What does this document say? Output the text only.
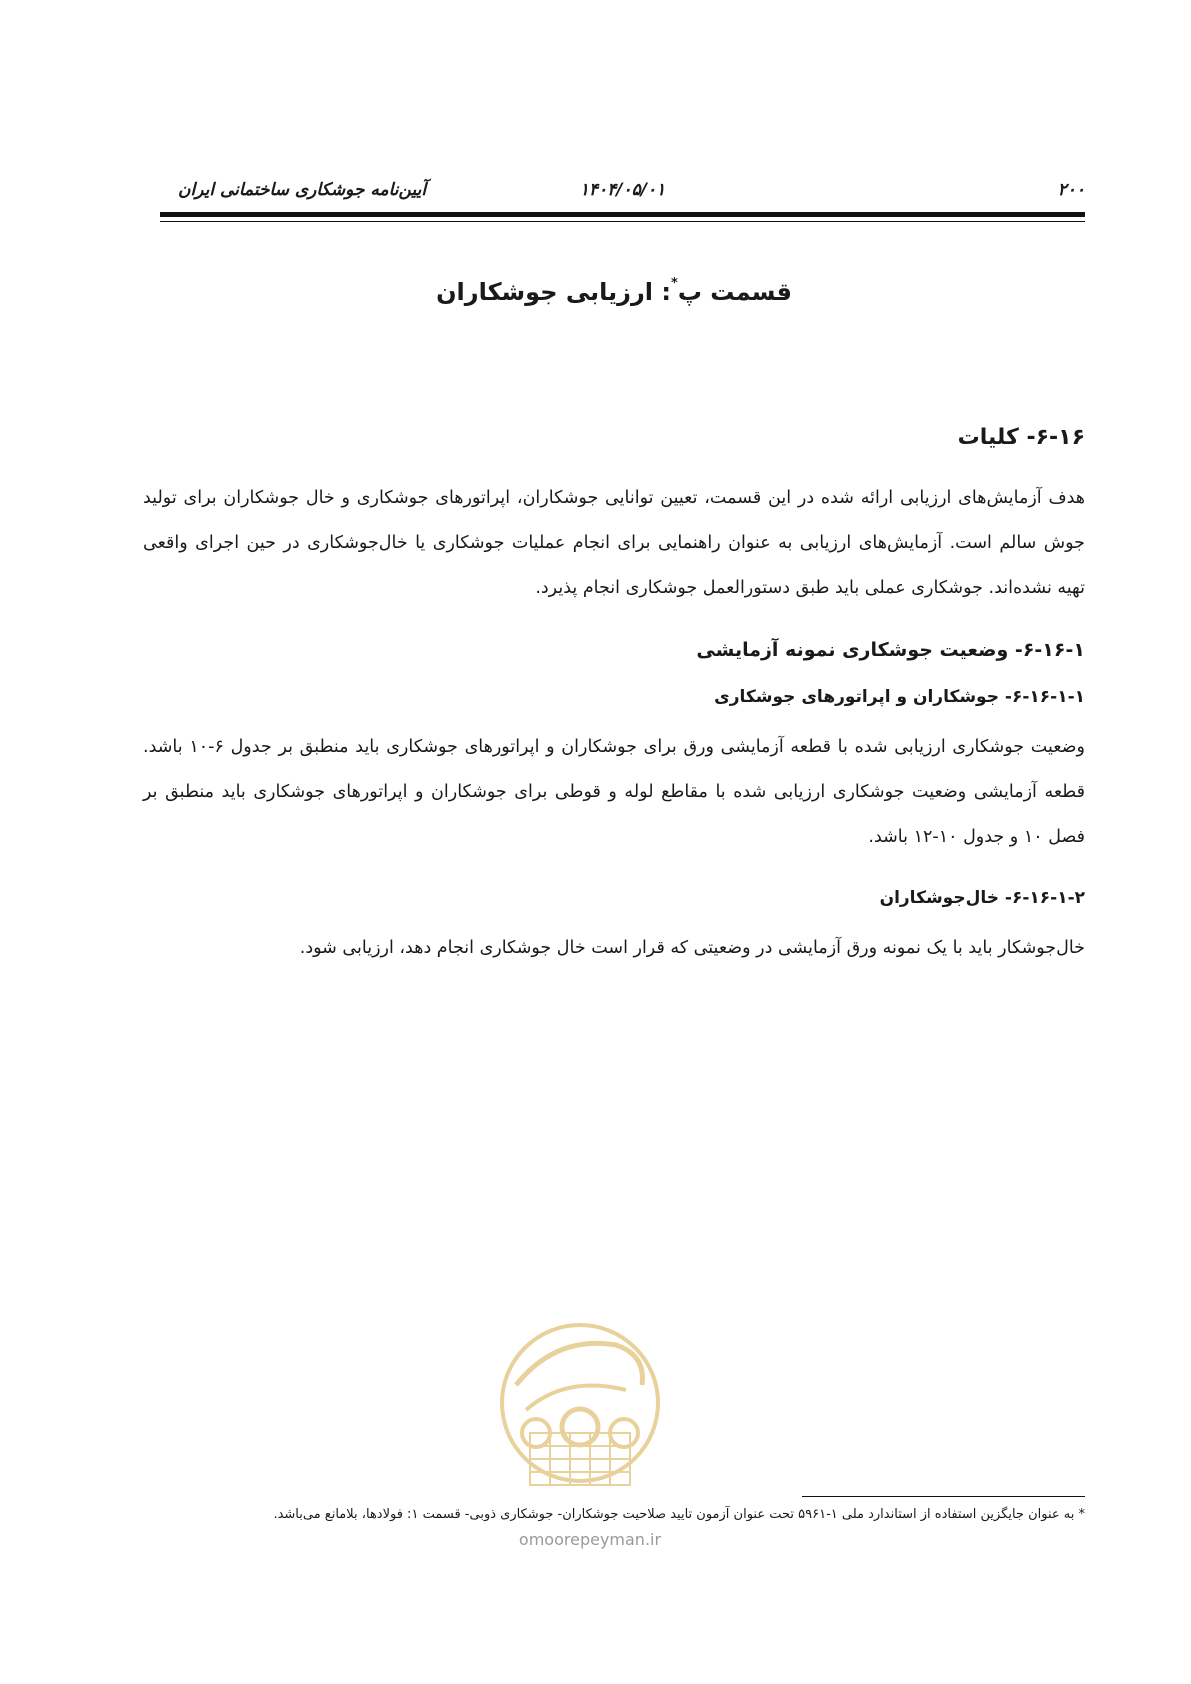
۲۰۰
۱۴۰۴/۰۵/۰۱
آیین‌نامه جوشکاری ساختمانی ایران
قسمت پ*: ارزیابی جوشکاران
۶-۱۶- کلیات
هدف آزمایش‌های ارزیابی ارائه شده در این قسمت، تعیین توانایی جوشکاران، اپراتورهای جوشکاری و خال جوشکاران برای تولید جوش سالم است. آزمایش‌های ارزیابی به عنوان راهنمایی برای انجام عملیات جوشکاری یا خال‌جوشکاری در حین اجرای واقعی تهیه نشده‌اند. جوشکاری عملی باید طبق دستورالعمل جوشکاری انجام پذیرد.
۶-۱۶-۱- وضعیت جوشکاری نمونه آزمایشی
۶-۱۶-۱-۱- جوشکاران و اپراتورهای جوشکاری
وضعیت جوشکاری ارزیابی شده با قطعه آزمایشی ورق برای جوشکاران و اپراتورهای جوشکاری باید منطبق بر جدول ۶-۱۰ باشد. قطعه آزمایشی وضعیت جوشکاری ارزیابی شده با مقاطع لوله و قوطی برای جوشکاران و اپراتورهای جوشکاری باید منطبق بر فصل ۱۰ و جدول ۱۰-۱۲ باشد.
۶-۱۶-۱-۲- خال‌جوشکاران
خال‌جوشکار باید با یک نمونه ورق آزمایشی در وضعیتی که قرار است خال جوشکاری انجام دهد، ارزیابی شود.
* به عنوان جایگزین استفاده از استاندارد ملی ۱-۵۹۶۱ تحت عنوان آزمون تایید صلاحیت جوشکاران- جوشکاری ذوبی- قسمت ۱: فولادها، بلامانع می‌باشد.
omoorepeyman.ir
